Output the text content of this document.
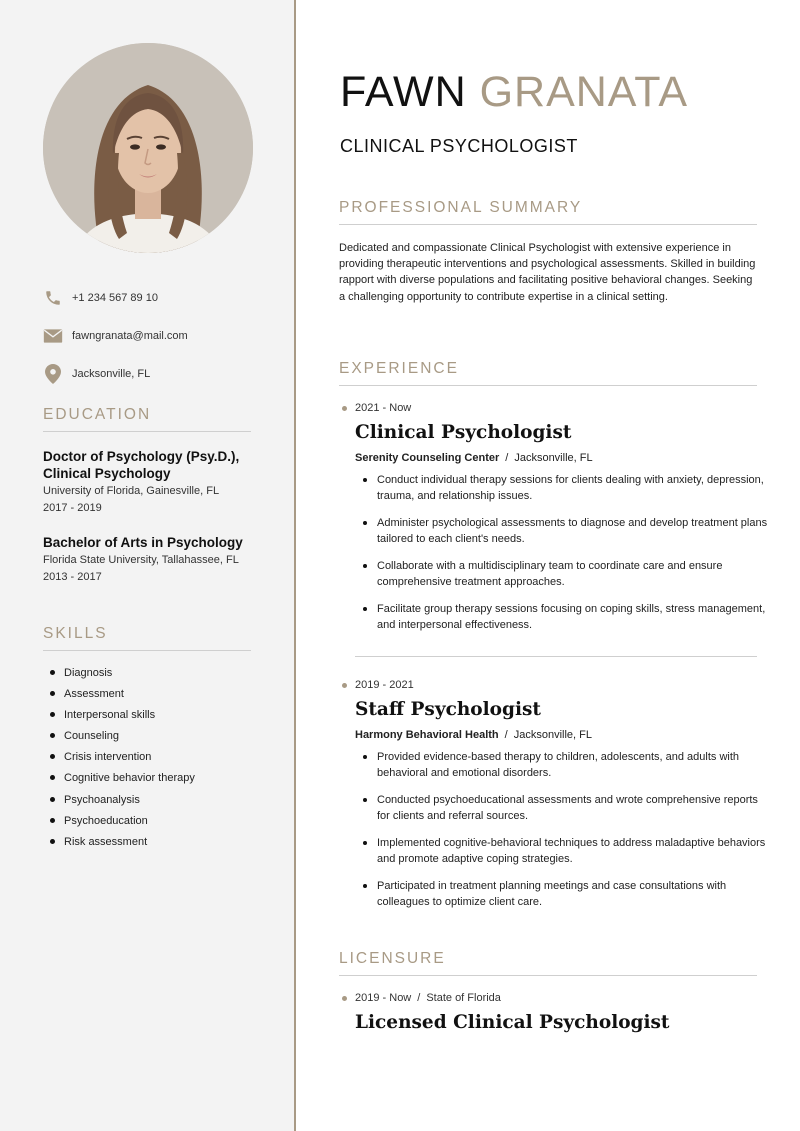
+1 234 567 89 10
fawngranata@mail.com
Jacksonville, FL
EDUCATION
Doctor of Psychology (Psy.D.), Clinical Psychology
University of Florida, Gainesville, FL
2017 - 2019
Bachelor of Arts in Psychology
Florida State University, Tallahassee, FL
2013 - 2017
SKILLS
Diagnosis
Assessment
Interpersonal skills
Counseling
Crisis intervention
Cognitive behavior therapy
Psychoanalysis
Psychoeducation
Risk assessment
FAWN GRANATA
CLINICAL PSYCHOLOGIST
PROFESSIONAL SUMMARY
Dedicated and compassionate Clinical Psychologist with extensive experience in providing therapeutic interventions and psychological assessments. Skilled in building rapport with diverse populations and facilitating positive behavioral changes. Seeking a challenging opportunity to contribute expertise in a clinical setting.
EXPERIENCE
2021 - Now
Clinical Psychologist
Serenity Counseling Center / Jacksonville, FL
Conduct individual therapy sessions for clients dealing with anxiety, depression, trauma, and relationship issues.
Administer psychological assessments to diagnose and develop treatment plans tailored to each client's needs.
Collaborate with a multidisciplinary team to coordinate care and ensure comprehensive treatment approaches.
Facilitate group therapy sessions focusing on coping skills, stress management, and interpersonal effectiveness.
2019 - 2021
Staff Psychologist
Harmony Behavioral Health / Jacksonville, FL
Provided evidence-based therapy to children, adolescents, and adults with behavioral and emotional disorders.
Conducted psychoeducational assessments and wrote comprehensive reports for clients and referral sources.
Implemented cognitive-behavioral techniques to address maladaptive behaviors and promote adaptive coping strategies.
Participated in treatment planning meetings and case consultations with colleagues to optimize client care.
LICENSURE
2019 - Now / State of Florida
Licensed Clinical Psychologist
